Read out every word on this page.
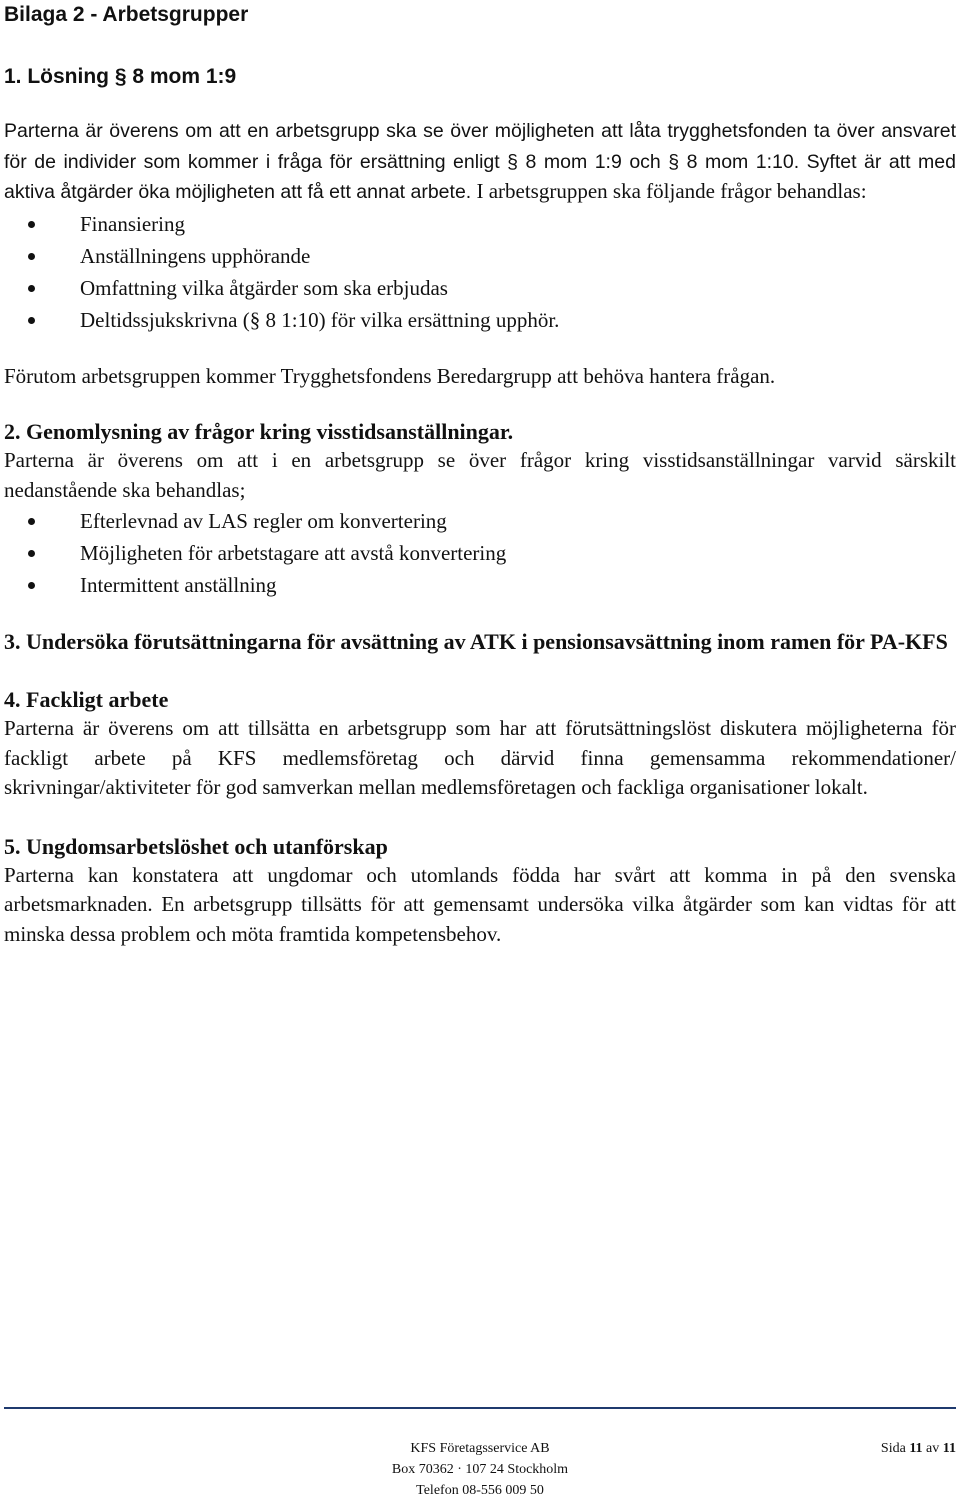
Bilaga 2 - Arbetsgrupper
1. Lösning § 8 mom 1:9

Parterna är överens om att en arbetsgrupp ska se över möjligheten att låta trygghetsfonden ta över ansvaret för de individer som kommer i fråga för ersättning enligt § 8 mom 1:9 och § 8 mom 1:10. Syftet är att med aktiva åtgärder öka möjligheten att få ett annat arbete. I arbetsgruppen ska följande frågor behandlas:

Finansiering
Anställningens upphörande
Omfattning vilka åtgärder som ska erbjudas
Deltidssjukskrivna (§ 8 1:10) för vilka ersättning upphör.

Förutom arbetsgruppen kommer Trygghetsfondens Beredargrupp att behöva hantera frågan.

2. Genomlysning av frågor kring visstidsanställningar.

Parterna är överens om att i en arbetsgrupp se över frågor kring visstidsanställningar varvid särskilt nedanstående ska behandlas;

Efterlevnad av LAS regler om konvertering
Möjligheten för arbetstagare att avstå konvertering
Intermittent anställning
3. Undersöka förutsättningarna för avsättning av ATK i pensionsavsättning inom ramen för PA-KFS
4. Fackligt arbete

Parterna är överens om att tillsätta en arbetsgrupp som har att förutsättningslöst diskutera möjligheterna för fackligt arbete på KFS medlemsföretag och därvid finna gemensamma rekommendationer/ skrivningar/aktiviteter för god samverkan mellan medlemsföretagen och fackliga organisationer lokalt.

5. Ungdomsarbetslöshet och utanförskap

Parterna kan konstatera att ungdomar och utomlands födda har svårt att komma in på den svenska arbetsmarknaden. En arbetsgrupp tillsätts för att gemensamt undersöka vilka åtgärder som kan vidtas för att minska dessa problem och möta framtida kompetensbehov.

KFS Företagsservice AB
Box 70362 · 107 24 Stockholm
Telefon 08-556 009 50
Sida 11 av 11
